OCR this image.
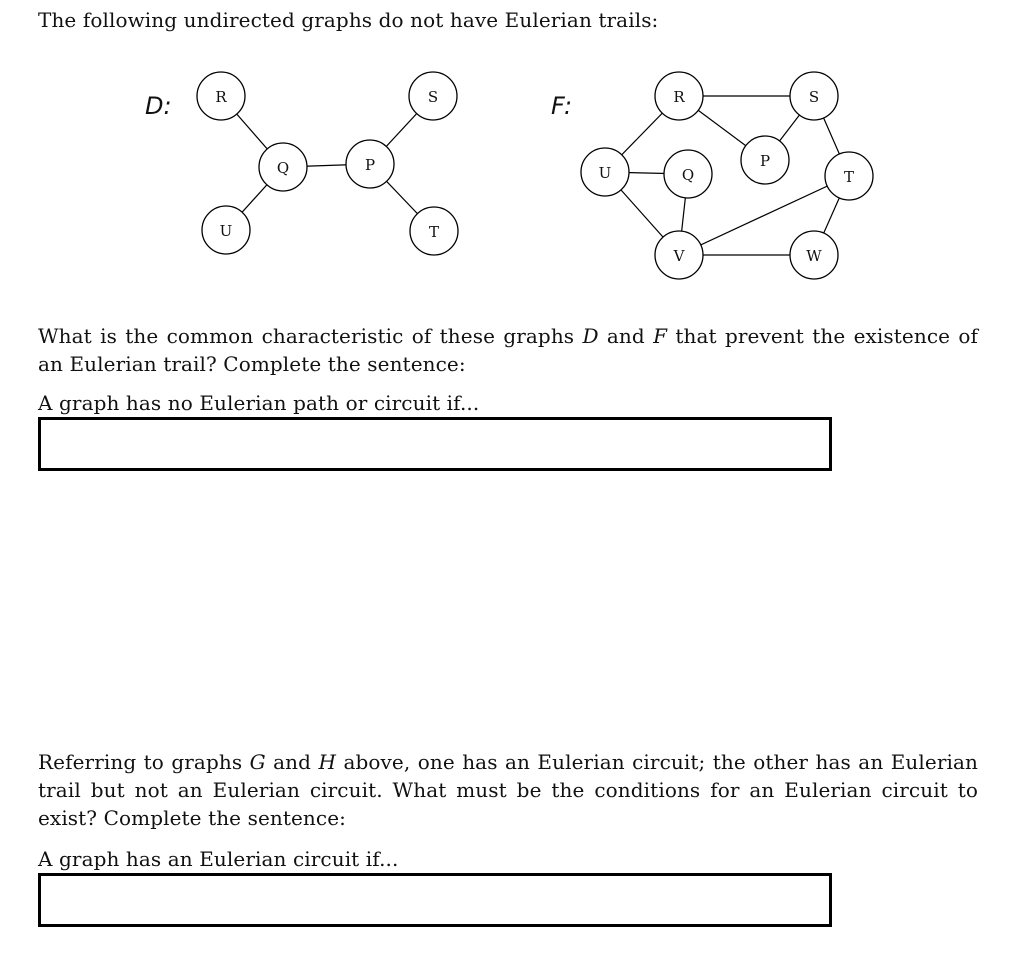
The following undirected graphs do not have Eulerian trails:
D:	F:
R	S
Q	P
U	T
R	S
U	Q
P
T
V	W
What is the common characteristic of these graphs D and F that prevent the existence of an Eulerian trail? Complete the sentence:
A graph has no Eulerian path or circuit if...
Referring to graphs G and H above, one has an Eulerian circuit; the other has an Eulerian trail but not an Eulerian circuit. What must be the conditions for an Eulerian circuit to exist? Complete the sentence:
A graph has an Eulerian circuit if...
